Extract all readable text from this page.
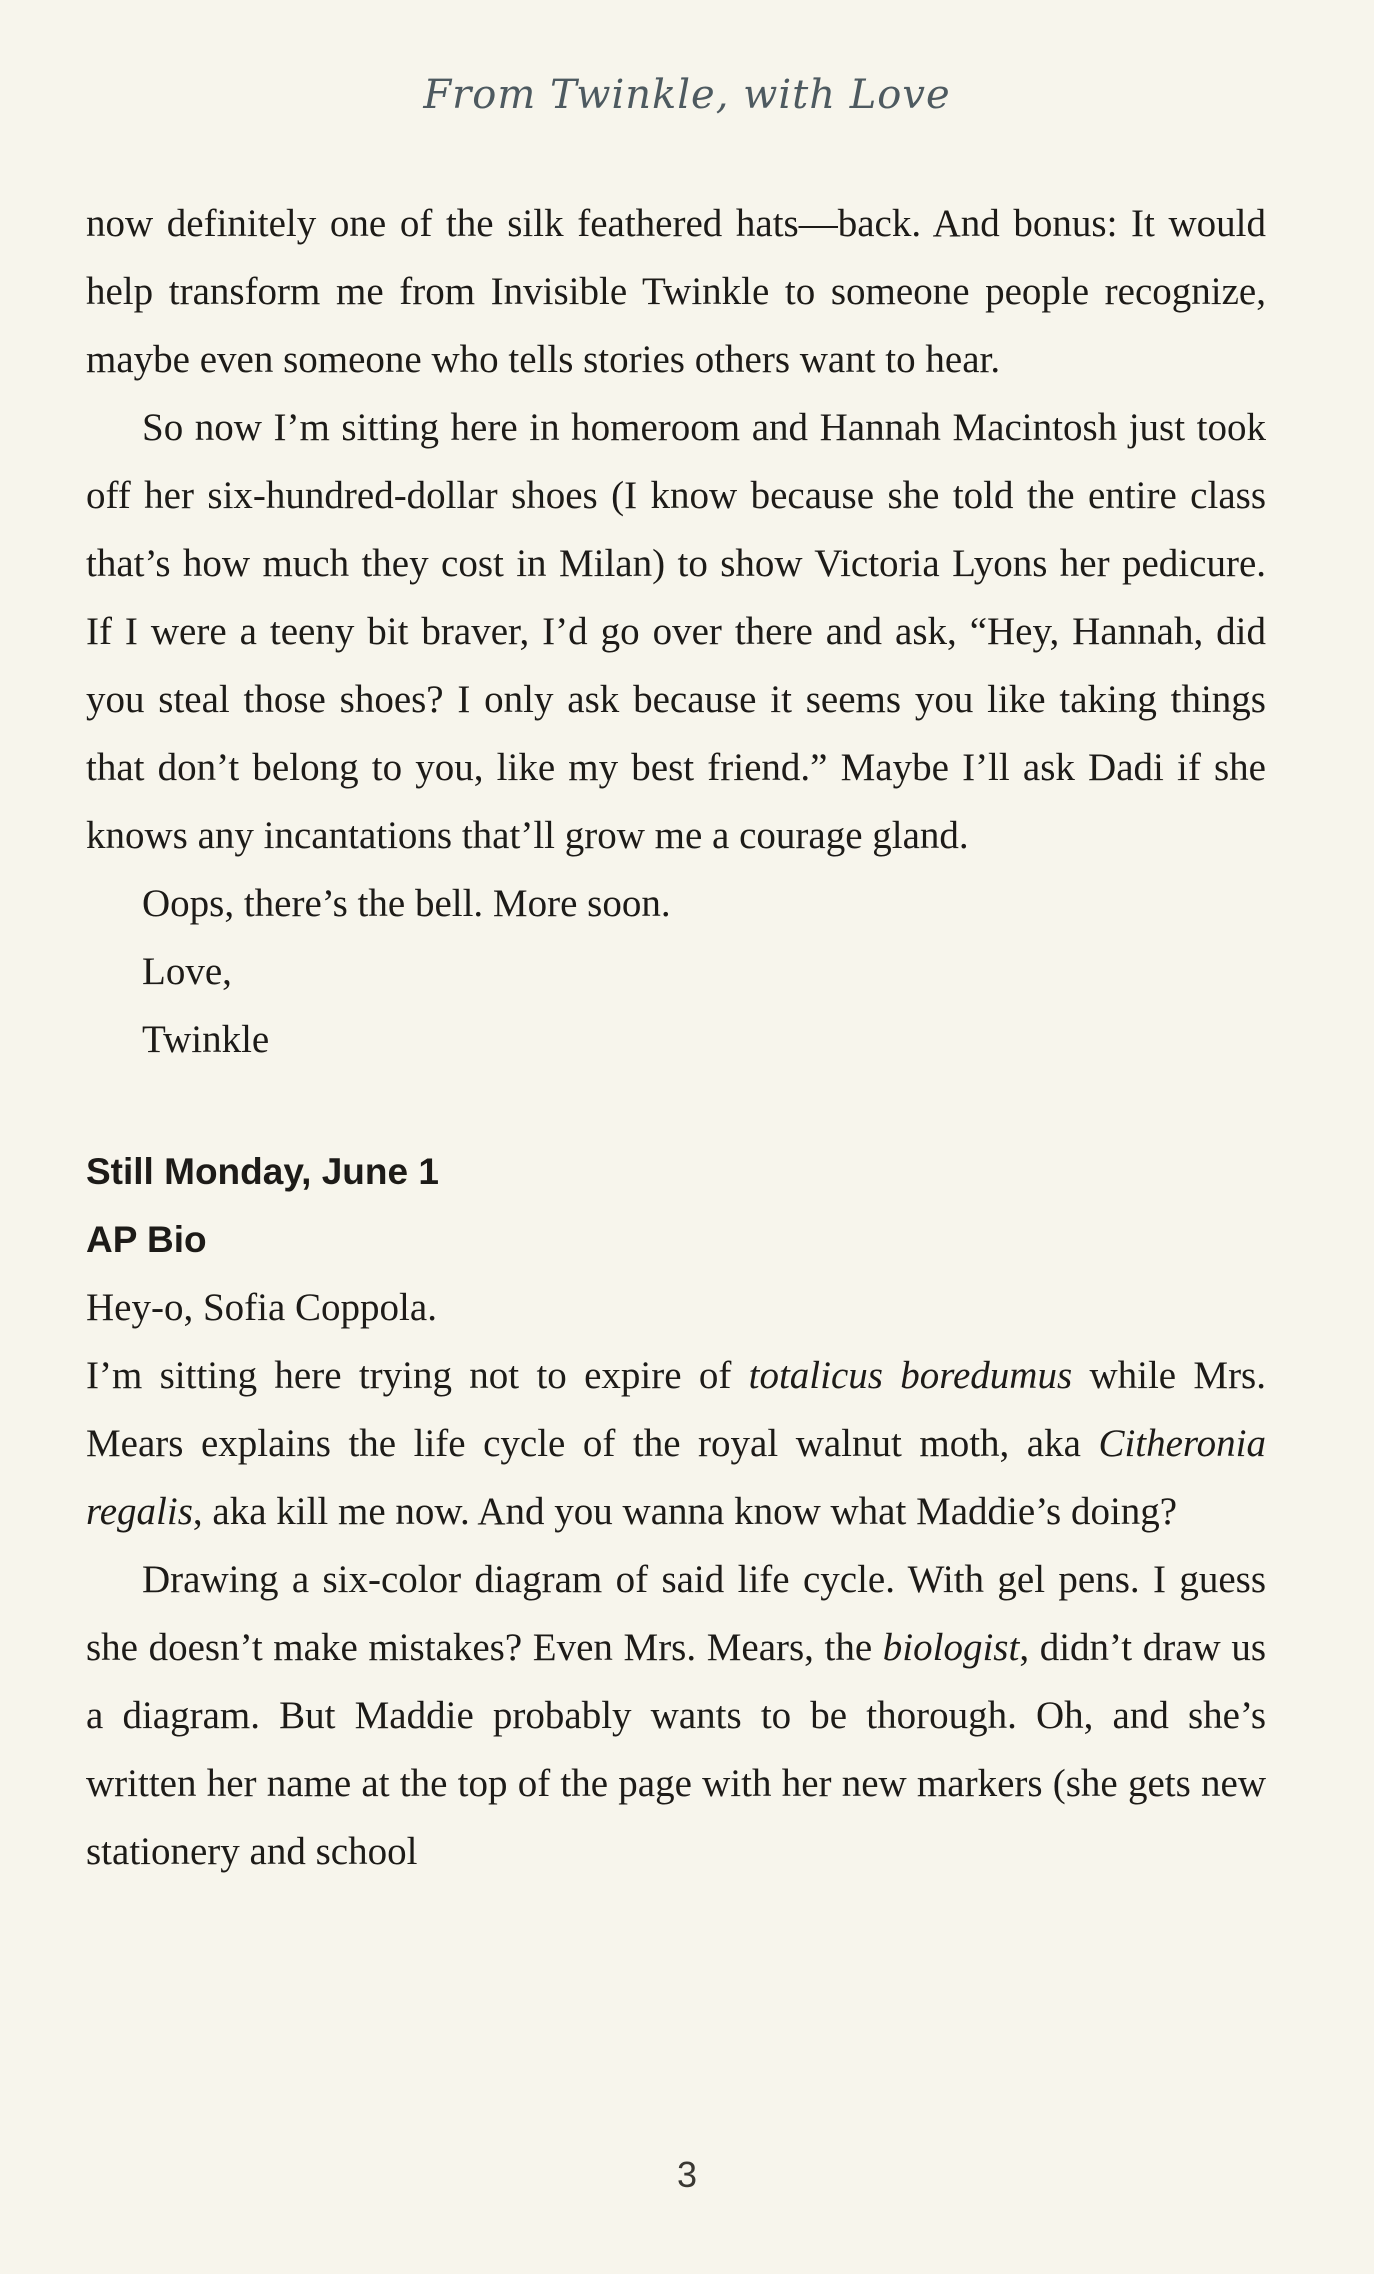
From Twinkle, with Love

now definitely one of the silk feathered hats—back. And bonus: It would help transform me from Invisible Twinkle to someone people recognize, maybe even someone who tells stories others want to hear.

So now I’m sitting here in homeroom and Hannah Macintosh just took off her six-hundred-dollar shoes (I know because she told the entire class that’s how much they cost in Milan) to show Victoria Lyons her pedicure. If I were a teeny bit braver, I’d go over there and ask, “Hey, Hannah, did you steal those shoes? I only ask because it seems you like taking things that don’t belong to you, like my best friend.” Maybe I’ll ask Dadi if she knows any incantations that’ll grow me a courage gland.

Oops, there’s the bell. More soon.

Love,

Twinkle

Still Monday, June 1

AP Bio

Hey-o, Sofia Coppola.

I’m sitting here trying not to expire of totalicus boredumus while Mrs. Mears explains the life cycle of the royal walnut moth, aka Citheronia regalis, aka kill me now. And you wanna know what Maddie’s doing?

Drawing a six-color diagram of said life cycle. With gel pens. I guess she doesn’t make mistakes? Even Mrs. Mears, the biologist, didn’t draw us a diagram. But Maddie probably wants to be thorough. Oh, and she’s written her name at the top of the page with her new markers (she gets new stationery and school

3
